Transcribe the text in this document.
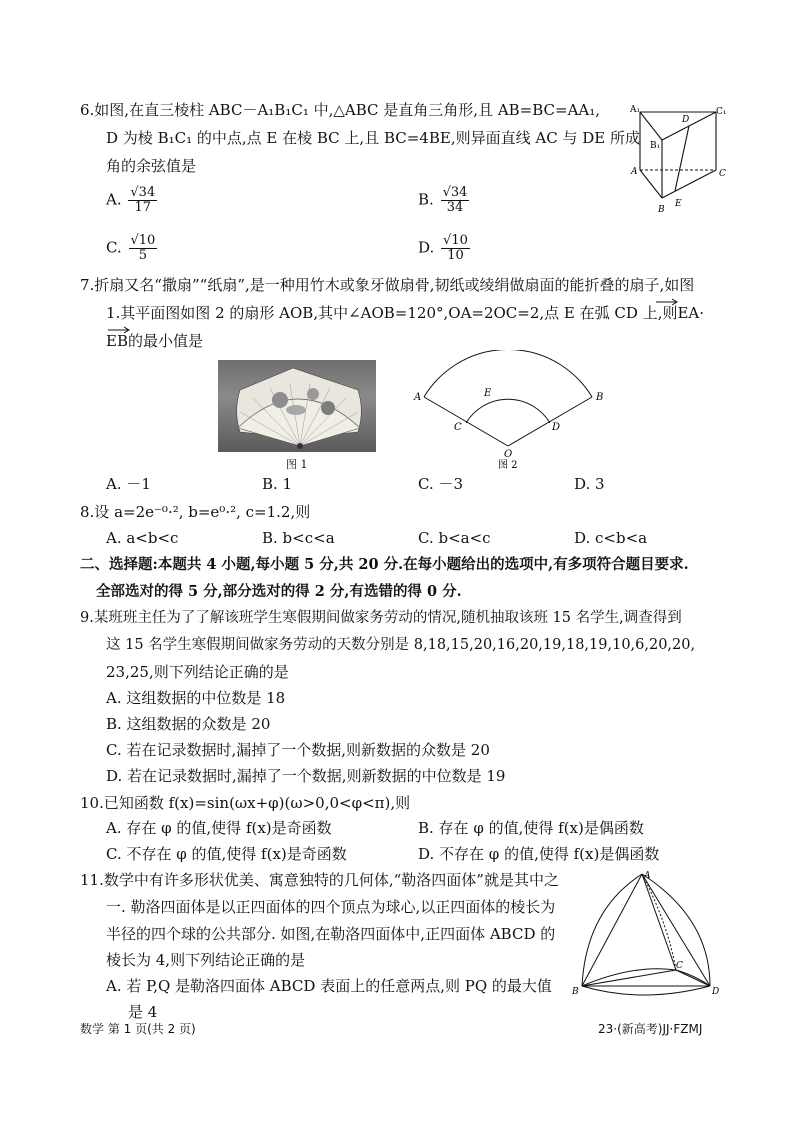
6.如图,在直三棱柱 ABC－A₁B₁C₁ 中,△ABC 是直角三角形,且 AB=BC=AA₁,
D 为棱 B₁C₁ 的中点,点 E 在棱 BC 上,且 BC=4BE,则异面直线 AC 与 DE 所成
角的余弦值是
A. $\frac{√34}{17}$	B. $\frac{√34}{34}$
C. $\frac{√10}{5}$	D. $\frac{√10}{10}$
A₁
D
C₁
B₁
A	C
B
E
7.折扇又名“撒扇”“纸扇”,是一种用竹木或象牙做扇骨,韧纸或绫绢做扇面的能折叠的扇子,如图
1.其平面图如图 2 的扇形 AOB,其中∠AOB=120°,OA=2OC=2,点 E 在弧 CD 上,则EA·
EB的最小值是
图 1
A	B
C	D
E
O
图 2
A. －1	B. 1	C. －3	D. 3
8.设 a=2e⁻⁰·², b=e⁰·², c=1.2,则
A. a<b<c	B. b<c<a	C. b<a<c	D. c<b<a
二、选择题:本题共 4 小题,每小题 5 分,共 20 分.在每小题给出的选项中,有多项符合题目要求.
全部选对的得 5 分,部分选对的得 2 分,有选错的得 0 分.
9.某班班主任为了了解该班学生寒假期间做家务劳动的情况,随机抽取该班 15 名学生,调查得到
这 15 名学生寒假期间做家务劳动的天数分别是 8,18,15,20,16,20,19,18,19,10,6,20,20,
23,25,则下列结论正确的是
A. 这组数据的中位数是 18
B. 这组数据的众数是 20
C. 若在记录数据时,漏掉了一个数据,则新数据的众数是 20
D. 若在记录数据时,漏掉了一个数据,则新数据的中位数是 19
10.已知函数 f(x)=sin(ωx+φ)(ω>0,0<φ<π),则
A. 存在 φ 的值,使得 f(x)是奇函数	B. 存在 φ 的值,使得 f(x)是偶函数
C. 不存在 φ 的值,使得 f(x)是奇函数	D. 不存在 φ 的值,使得 f(x)是偶函数
11.数学中有许多形状优美、寓意独特的几何体,“勒洛四面体”就是其中之
一. 勒洛四面体是以正四面体的四个顶点为球心,以正四面体的棱长为
半径的四个球的公共部分. 如图,在勒洛四面体中,正四面体 ABCD 的
棱长为 4,则下列结论正确的是
A. 若 P,Q 是勒洛四面体 ABCD 表面上的任意两点,则 PQ 的最大值
是 4
A
B
C
D
数学 第 1 页(共 2 页)	23·(新高考)JJ·FZMJ
